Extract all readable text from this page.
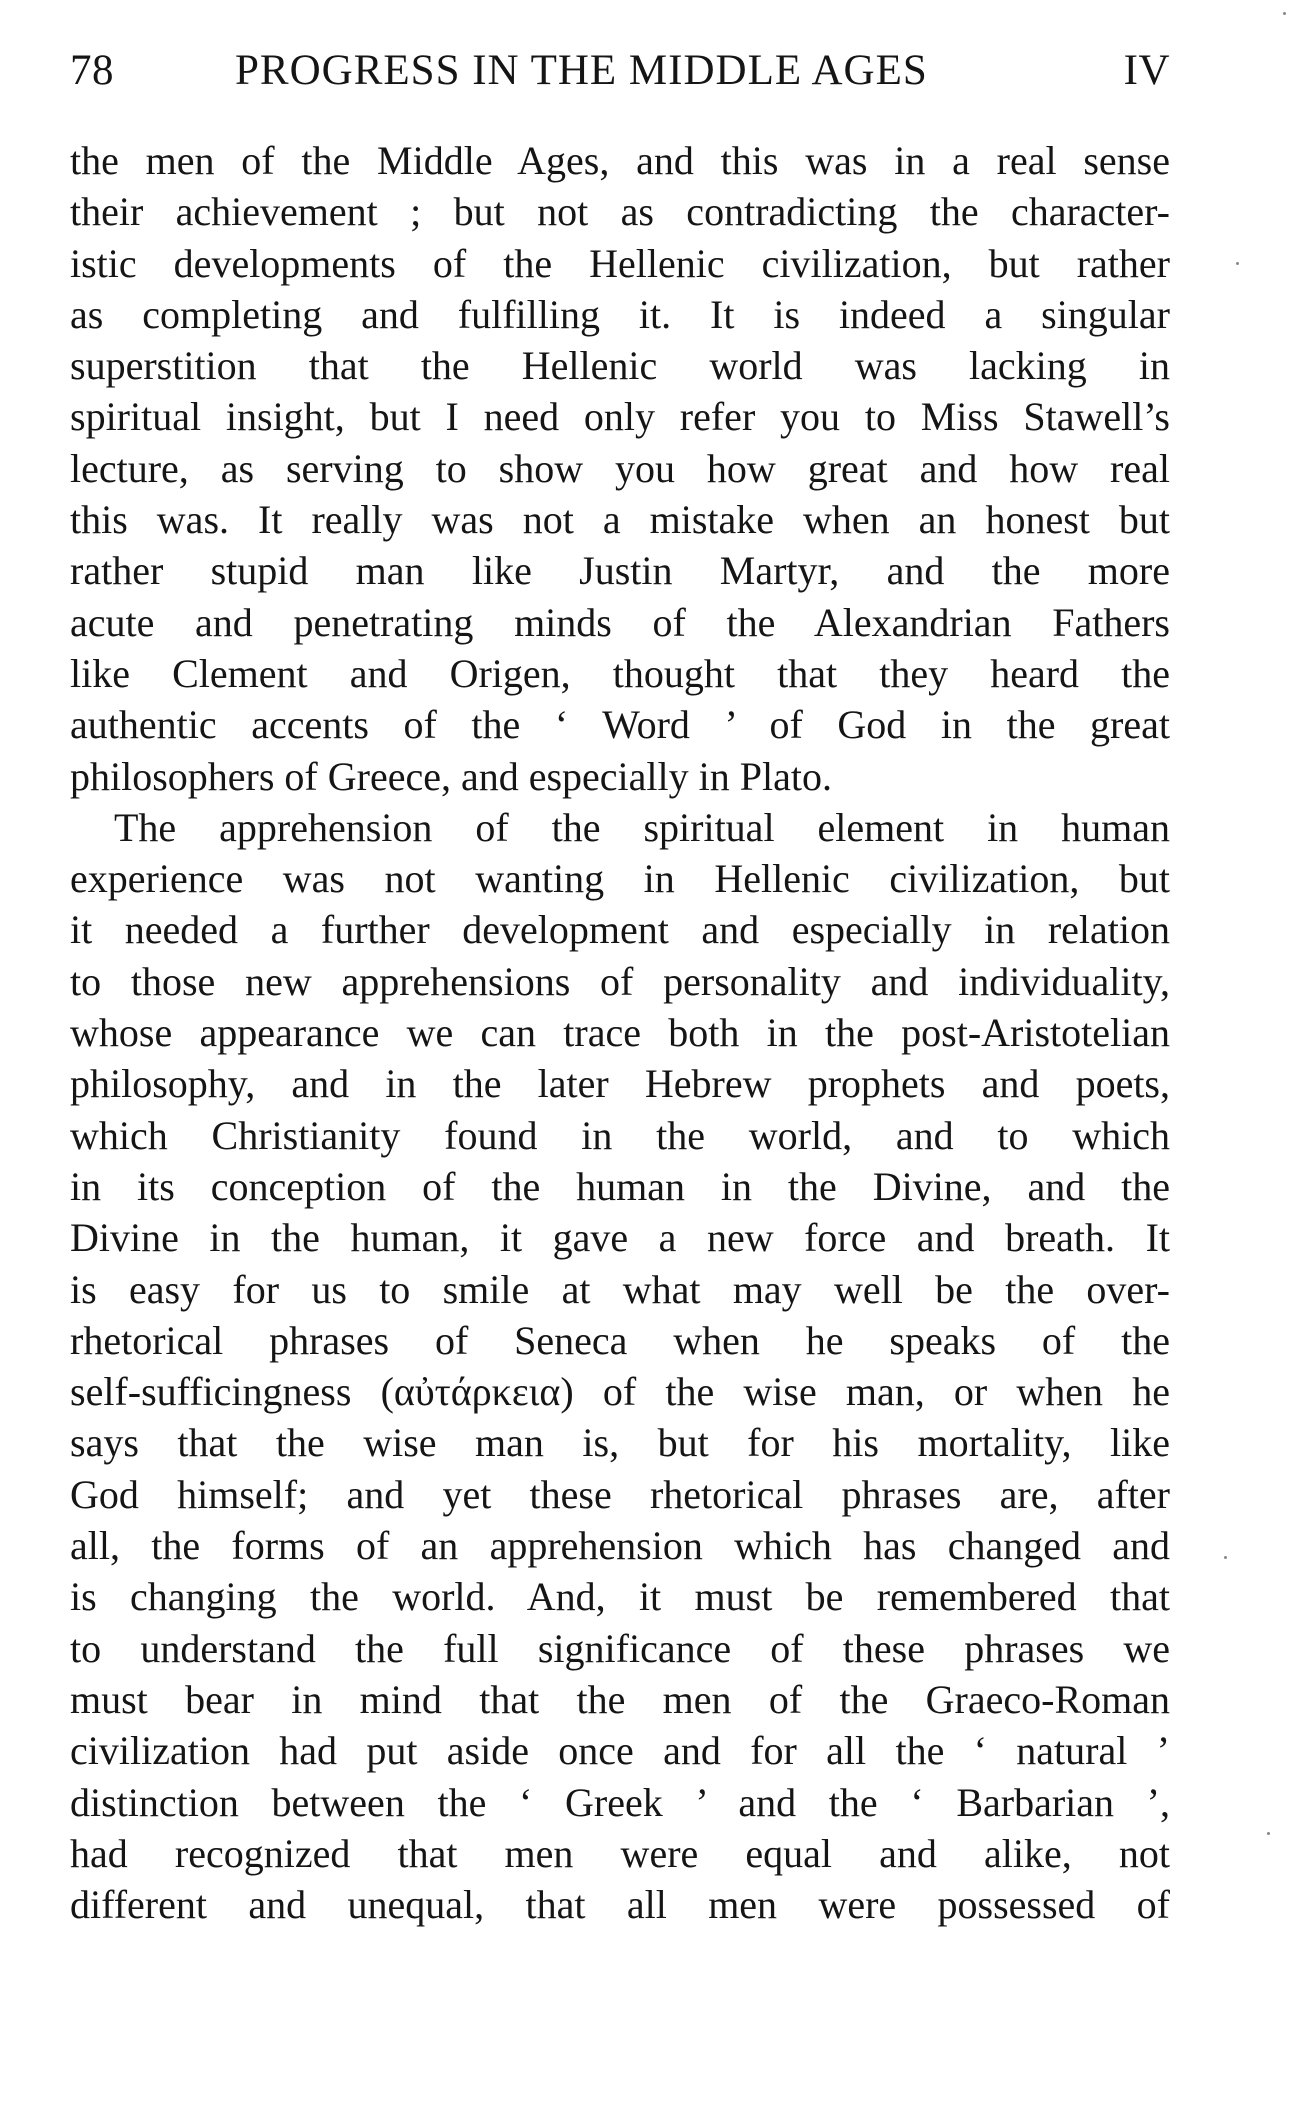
78	PROGRESS IN THE MIDDLE AGES	IV
the men of the Middle Ages, and this was in a real sense
their achievement ; but not as contradicting the character-
istic developments of the Hellenic civilization, but rather
as completing and fulfilling it. It is indeed a singular
superstition that the Hellenic world was lacking in
spiritual insight, but I need only refer you to Miss Stawell’s
lecture, as serving to show you how great and how real
this was. It really was not a mistake when an honest but
rather stupid man like Justin Martyr, and the more
acute and penetrating minds of the Alexandrian Fathers
like Clement and Origen, thought that they heard the
authentic accents of the ‘ Word ’ of God in the great
philosophers of Greece, and especially in Plato.
The apprehension of the spiritual element in human
experience was not wanting in Hellenic civilization, but
it needed a further development and especially in relation
to those new apprehensions of personality and individuality,
whose appearance we can trace both in the post-Aristotelian
philosophy, and in the later Hebrew prophets and poets,
which Christianity found in the world, and to which
in its conception of the human in the Divine, and the
Divine in the human, it gave a new force and breath. It
is easy for us to smile at what may well be the over-
rhetorical phrases of Seneca when he speaks of the
self-sufficingness (αὐτάρκεια) of the wise man, or when he
says that the wise man is, but for his mortality, like
God himself; and yet these rhetorical phrases are, after
all, the forms of an apprehension which has changed and
is changing the world. And, it must be remembered that
to understand the full significance of these phrases we
must bear in mind that the men of the Graeco-Roman
civilization had put aside once and for all the ‘ natural ’
distinction between the ‘ Greek ’ and the ‘ Barbarian ’,
had recognized that men were equal and alike, not
different and unequal, that all men were possessed of
